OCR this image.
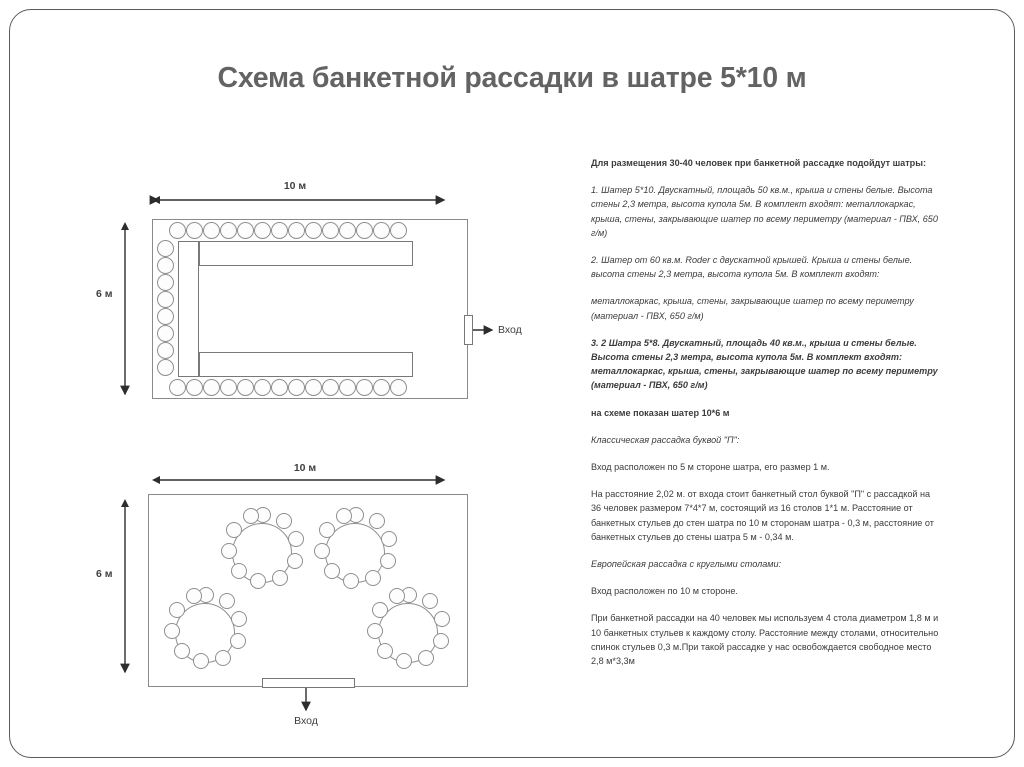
Схема банкетной рассадки в шатре 5*10 м
10 м
6 м
Вход
10 м
6 м
Вход

Для размещения 30-40 человек при банкетной рассадке подойдут шатры:

1. Шатер 5*10. Двускатный, площадь 50 кв.м., крыша и стены белые. Высота стены 2,3 метра, высота купола 5м. В комплект входят: металлокаркас, крыша, стены, закрывающие шатер по всему периметру (материал - ПВХ, 650 г/м)

2. Шатер от 60 кв.м. Roder с двускатной крышей. Крыша и стены белые. высота стены 2,3 метра, высота купола 5м. В комплект входят:

металлокаркас, крыша, стены, закрывающие шатер по всему периметру (материал - ПВХ, 650 г/м)

3. 2 Шатра 5*8. Двускатный, площадь 40 кв.м., крыша и стены белые. Высота стены 2,3 метра, высота купола 5м. В комплект входят: металлокаркас, крыша, стены, закрывающие шатер по всему периметру (материал - ПВХ, 650 г/м)

на схеме показан шатер 10*6 м

Классическая рассадка буквой "П":

Вход расположен по 5 м стороне шатра, его размер 1 м.

На расстояние 2,02 м. от входа стоит банкетный стол буквой "П" с рассадкой на 36 человек размером 7*4*7 м, состоящий из 16 столов 1*1 м. Расстояние от банкетных стульев до стен шатра по 10 м сторонам шатра - 0,3 м, расстояние от банкетных стульев до стены шатра 5 м - 0,34 м.

Европейская рассадка с круглыми столами:

Вход расположен по 10 м стороне.

При банкетной рассадки на 40 человек мы используем 4 стола диаметром 1,8 м и 10 банкетных стульев к каждому столу. Расстояние между столами, относительно спинок стульев 0,3 м.При такой рассадке у нас освобождается свободное место 2,8 м*3,3м
